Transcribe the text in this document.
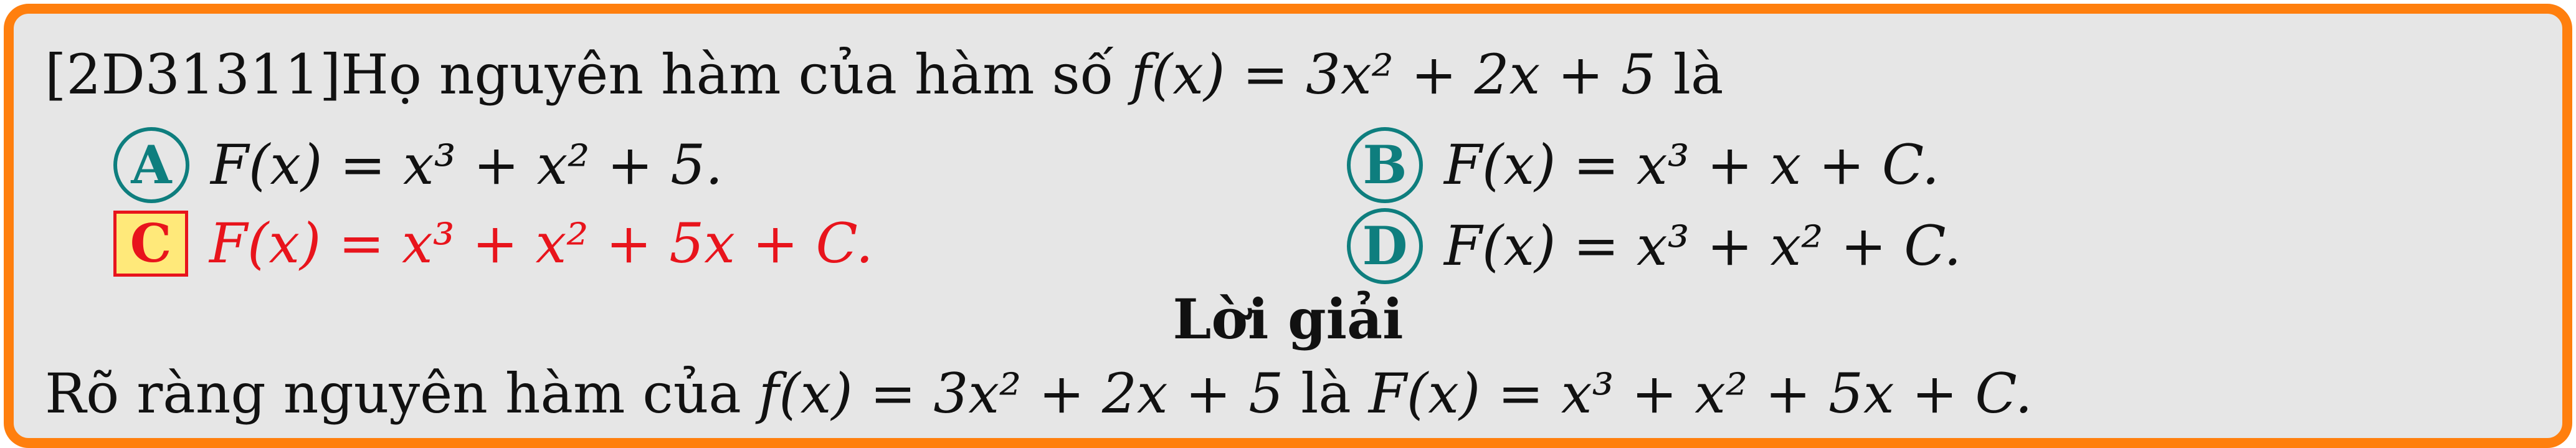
[2D31311]Họ nguyên hàm của hàm số f(x) = 3x² + 2x + 5 là
A F(x) = x³ + x² + 5.	B F(x) = x³ + x + C.
C F(x) = x³ + x² + 5x + C.	D F(x) = x³ + x² + C.
Lời giải
Rõ ràng nguyên hàm của f(x) = 3x² + 2x + 5 là F(x) = x³ + x² + 5x + C.
